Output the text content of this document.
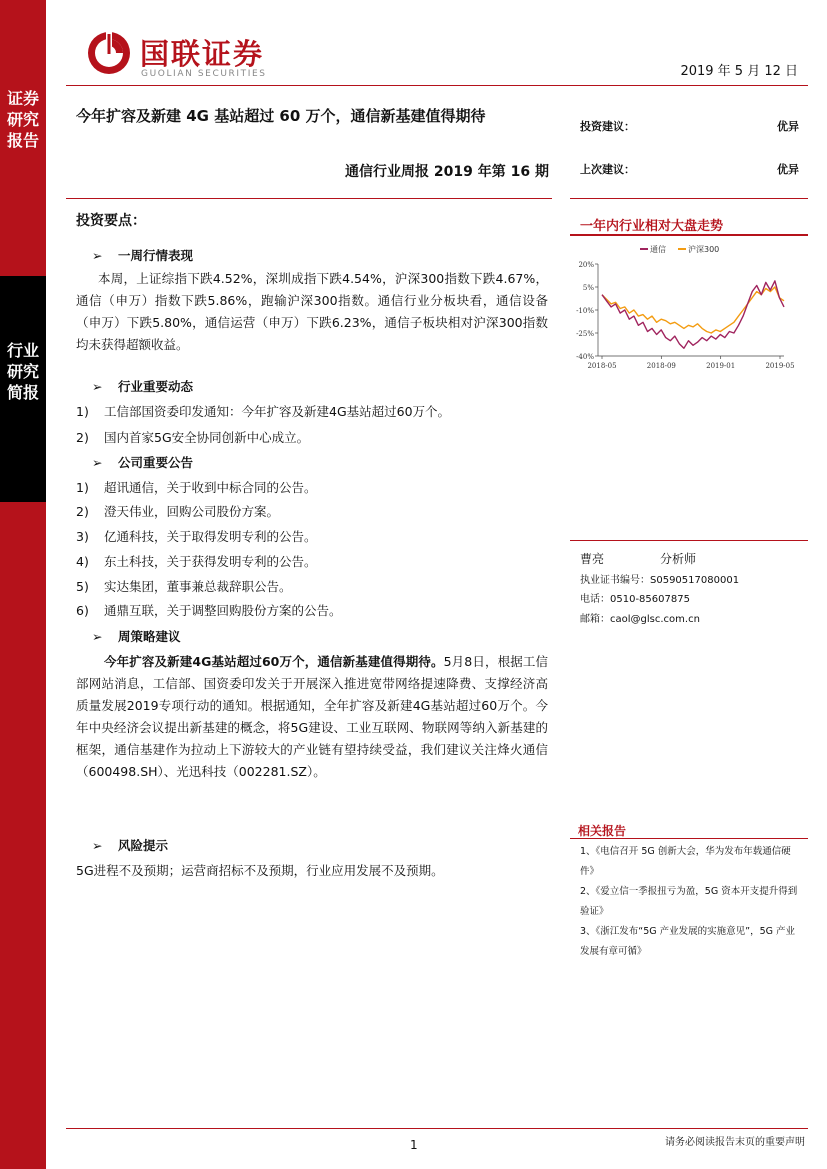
证券研究报告
行业研究简报
国联证券
GUOLIAN SECURITIES	2019 年 5 月 12 日
今年扩容及新建 4G 基站超过 60 万个，通信新基建值得期待
通信行业周报 2019 年第 16 期
投资建议：	优异
上次建议：	优异
投资要点：
➢ 一周行情表现
本周，上证综指下跌4.52%，深圳成指下跌4.54%，沪深300指数下跌4.67%，通信（申万）指数下跌5.86%，跑输沪深300指数。通信行业分板块看，通信设备（申万）下跌5.80%，通信运营（申万）下跌6.23%，通信子板块相对沪深300指数均未获得超额收益。
➢ 行业重要动态
1) 工信部国资委印发通知：今年扩容及新建4G基站超过60万个。
2) 国内首家5G安全协同创新中心成立。
➢ 公司重要公告
1) 超讯通信，关于收到中标合同的公告。
2) 澄天伟业，回购公司股份方案。
3) 亿通科技，关于取得发明专利的公告。
4) 东土科技，关于获得发明专利的公告。
5) 实达集团，董事兼总裁辞职公告。
6) 通鼎互联，关于调整回购股份方案的公告。
➢ 周策略建议
今年扩容及新建4G基站超过60万个，通信新基建值得期待。5月8日，根据工信部网站消息，工信部、国资委印发关于开展深入推进宽带网络提速降费、支撑经济高质量发展2019专项行动的通知。根据通知，全年扩容及新建4G基站超过60万个。今年中央经济会议提出新基建的概念，将5G建设、工业互联网、物联网等纳入新基建的框架，通信基建作为拉动上下游较大的产业链有望持续受益，我们建议关注烽火通信（600498.SH）、光迅科技（002281.SZ）。
➢ 风险提示
5G进程不及预期；运营商招标不及预期，行业应用发展不及预期。
一年内行业相对大盘走势
通信	沪深300
20%
5%
-10%
-25%
-40%
2018-05	2018-09	2019-01	2019-05
曹亮	分析师
执业证书编号：S0590517080001
电话：0510-85607875
邮箱：caol@glsc.com.cn
相关报告
1、《电信召开 5G 创新大会，华为发布年载通信硬件》
2、《爱立信一季报扭亏为盈，5G 资本开支提升得到验证》
3、《浙江发布“5G 产业发展的实施意见”，5G 产业发展有章可循》
1	请务必阅读报告末页的重要声明
